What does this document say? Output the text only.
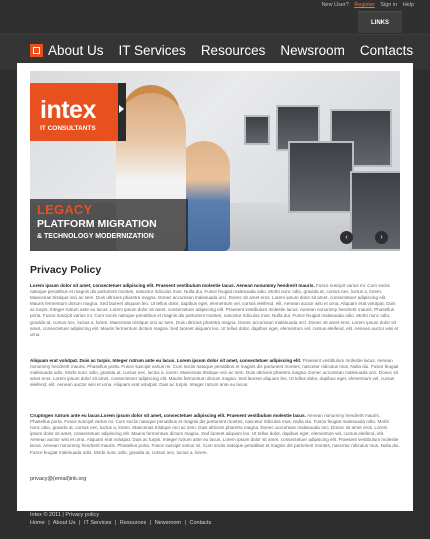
New User? Register Sign in Help
LINKS
About Us IT Services Resources Newsroom Contacts
intex
IT CONSULTANTS
LEGACY
PLATFORM MIGRATION
& TECHNOLOGY MODERNIZATION	‹	›
Privacy Policy
Lorem ipsum dolor sit amet, consectetuer adipiscing elit. Praesent vestibulum molestie lacus. Aenean nonummy hendrerit mauris. Fusce suscipit varius mi. Cum sociis natoque penatibus et magnis dis parturient montes, nascetur ridiculus mus. Nulla dui. Fusce feugiat malesuada odio. Morbi nunc odio, gravida at, cursus nec, luctus a, lorem. Maecenas tristique orci ac sem. Duis ultricies pharetra magna. Donec accumsan malesuada orci. Donec sit amet eros. Lorem ipsum dolor sit amet, consectetuer adipiscing elit. Mauris fermentum dictum magna. Sed laoreet aliquam leo. Ut tellus dolor, dapibus eget, elementum vel, cursus eleifend, elit. Aenean auctor wisi et urna. Aliquam erat volutpat. Duis ac turpis. Integer rutrum ante eu lacus. Lorem ipsum dolor sit amet, consectetuer adipiscing elit. Praesent vestibulum molestie lacus. Aenean nonummy hendrerit mauris. Phasellus porta. Fusce suscipit varius mi. Cum sociis natoque penatibus et magnis dis parturient montes, nascetur ridiculus mus. Nulla dui. Fusce feugiat malesuada odio. Morbi nunc odio, gravida at, cursus nec, luctus a, lorem. Maecenas tristique orci ac sem. Duis ultricies pharetra magna. Donec accumsan malesuada orci. Donec sit amet eros. Lorem ipsum dolor sit amet, consectetuer adipiscing elit. Mauris fermentum dictum magna. Sed laoreet aliquam leo. Ut tellus dolor, dapibus eget, elementum vel, cursus eleifend, elit. Aenean auctor wisi et urna.
Aliquam erat volutpat. Duis ac turpis. Integer rutrum ante eu lacus. Lorem ipsum dolor sit amet, consectetuer adipiscing elit. Praesent vestibulum molestie lacus. Aenean nonummy hendrerit mauris. Phasellus porta. Fusce suscipit varius mi. Cum sociis natoque penatibus et magnis dis parturient montes, nascetur ridiculus mus. Nulla dui. Fusce feugiat malesuada odio. Morbi nunc odio, gravida at, cursus nec, luctus a, lorem. Maecenas tristique orci ac sem. Duis ultricies pharetra magna. Donec accumsan malesuada orci. Donec sit amet eros. Lorem ipsum dolor sit amet, consectetuer adipiscing elit. Mauris fermentum dictum magna. Sed laoreet aliquam leo. Ut tellus dolor, dapibus eget, elementum vel, cursus eleifend, elit. Aenean auctor wisi et urna. Aliquam erat volutpat. Duis ac turpis. Integer rutrum ante eu lacus.
Cruptogen rutrum ante eu lacus.Lorem ipsum dolor sit amet, consectetuer adipiscing elit. Praesent vestibulum molestie lacus. Aenean nonummy hendrerit mauris. Phasellus porta. Fusce suscipit varius mi. Cum sociis natoque penatibus et magnis dis parturient montes, nascetur ridiculus mus. Nulla dui. Fusce feugiat malesuada odio. Morbi nunc odio, gravida at, cursus nec, luctus a, lorem. Maecenas tristique orci ac sem. Duis ultricies pharetra magna. Donec accumsan malesuada orci. Donec sit amet eros. Lorem ipsum dolor sit amet, consectetuer adipiscing elit. Mauris fermentum dictum magna. Sed laoreet aliquam leo. Ut tellus dolor, dapibus eget, elementum vel, cursus eleifend, elit. Aenean auctor wisi et urna. Aliquam erat volutpat. Duis ac turpis. Integer rutrum ante eu lacus. Lorem ipsum dolor sit amet, consectetuer adipiscing elit. Praesent vestibulum molestie lacus. Aenean nonummy hendrerit mauris. Phasellus porta. Fusce suscipit varius mi. Cum sociis natoque penatibus et magnis dis parturient montes, nascetur ridiculus mus. Nulla dui. Fusce feugiat malesuada odio. Morbi nunc odio, gravida at, cursus nec, luctus a, lorem.
privacy@(email)ink.org
Intex © 2011 | Privacy policy
Home | About Us | IT Services | Resources | Newsroom | Contacts
